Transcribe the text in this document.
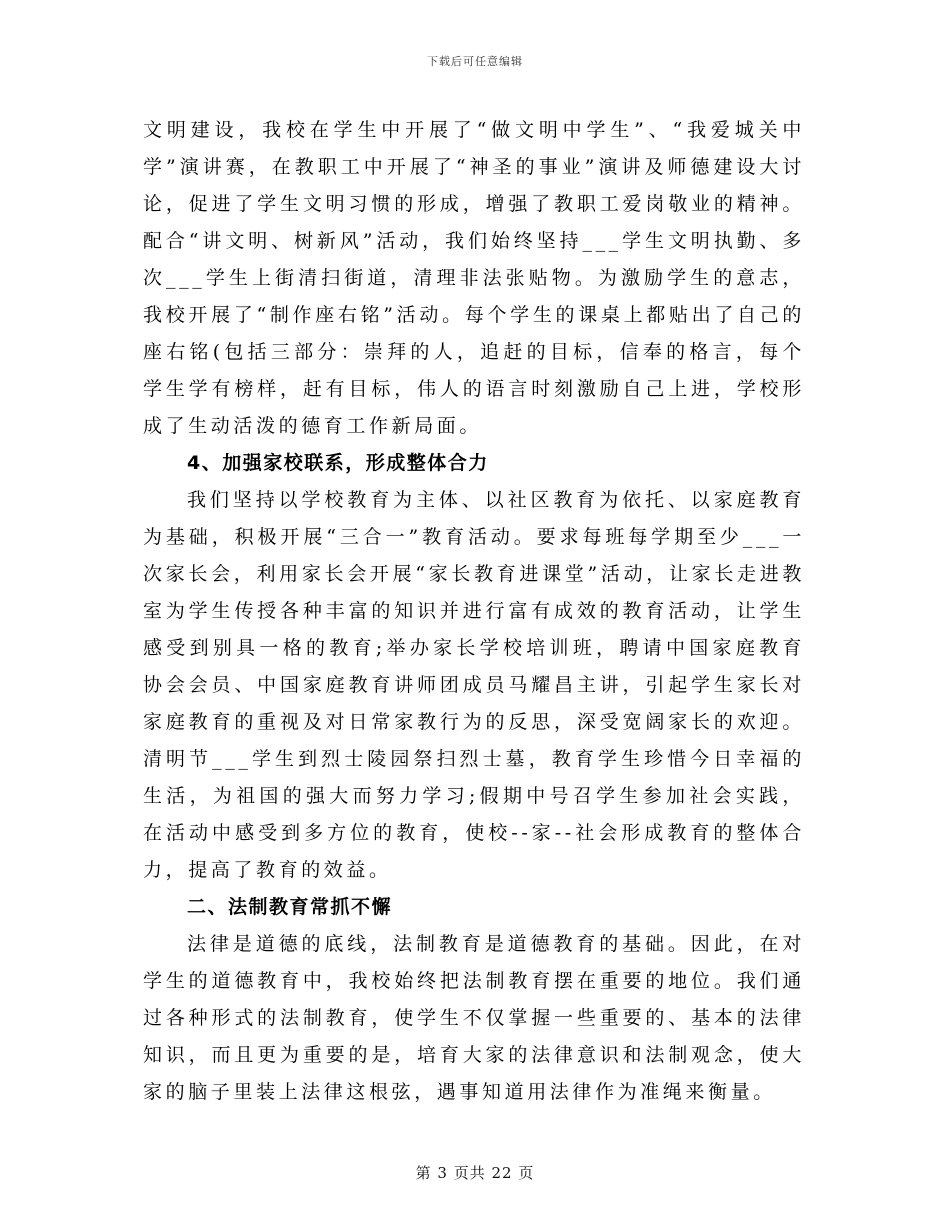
下载后可任意编辑

文明建设，我校在学生中开展了“做文明中学生”、“我爱城关中学”演讲赛，在教职工中开展了“神圣的事业”演讲及师德建设大讨论，促进了学生文明习惯的形成，增强了教职工爱岗敬业的精神。配合“讲文明、树新风”活动，我们始终坚持___学生文明执勤、多次___学生上街清扫街道，清理非法张贴物。为激励学生的意志，我校开展了“制作座右铭”活动。每个学生的课桌上都贴出了自己的座右铭(包括三部分：崇拜的人，追赶的目标，信奉的格言，每个学生学有榜样，赶有目标，伟人的语言时刻激励自己上进，学校形成了生动活泼的德育工作新局面。

4、加强家校联系，形成整体合力

我们坚持以学校教育为主体、以社区教育为依托、以家庭教育为基础，积极开展“三合一”教育活动。要求每班每学期至少___一次家长会，利用家长会开展“家长教育进课堂”活动，让家长走进教室为学生传授各种丰富的知识并进行富有成效的教育活动，让学生感受到别具一格的教育;举办家长学校培训班，聘请中国家庭教育协会会员、中国家庭教育讲师团成员马耀昌主讲，引起学生家长对家庭教育的重视及对日常家教行为的反思，深受宽阔家长的欢迎。清明节___学生到烈士陵园祭扫烈士墓，教育学生珍惜今日幸福的生活，为祖国的强大而努力学习;假期中号召学生参加社会实践，在活动中感受到多方位的教育，使校--家--社会形成教育的整体合力，提高了教育的效益。

二、法制教育常抓不懈

法律是道德的底线，法制教育是道德教育的基础。因此，在对学生的道德教育中，我校始终把法制教育摆在重要的地位。我们通过各种形式的法制教育，使学生不仅掌握一些重要的、基本的法律知识，而且更为重要的是，培育大家的法律意识和法制观念，使大家的脑子里装上法律这根弦，遇事知道用法律作为准绳来衡量。

第 3 页共 22 页
